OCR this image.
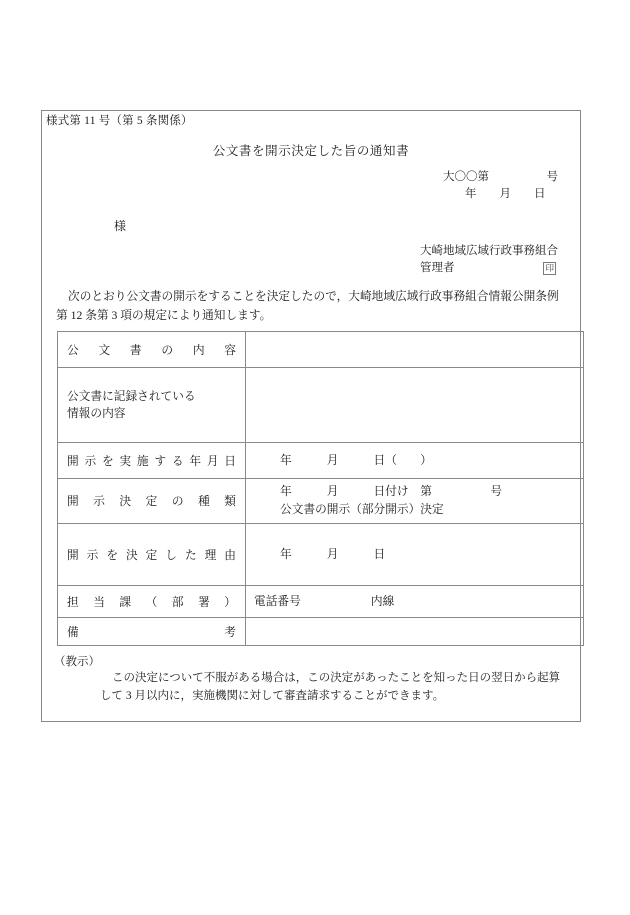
様式第 11 号（第 5 条関係）
公文書を開示決定した旨の通知書
大〇〇第　　　　　号
年　　月　　日
様
大崎地域広域行政事務組合
管理者	印
次のとおり公文書の開示をすることを決定したので，大崎地域広域行政事務組合情報公開条例第 12 条第 3 項の規定により通知します。
公文書の内容	

公文書に記録されている
情報の内容	

開示を実施する年月日	年　　　月　　　日（　　）

開示決定の種類	年　　　月　　　日付け　第　　　　　号
公文書の開示（部分開示）決定

開示を決定した理由	年　　　月　　　日

担当課（部署）	電話番号　　　　　　内線

備考	

（教示）
この決定について不服がある場合は，この決定があったことを知った日の翌日から起算して 3 月以内に，実施機関に対して審査請求することができます。
